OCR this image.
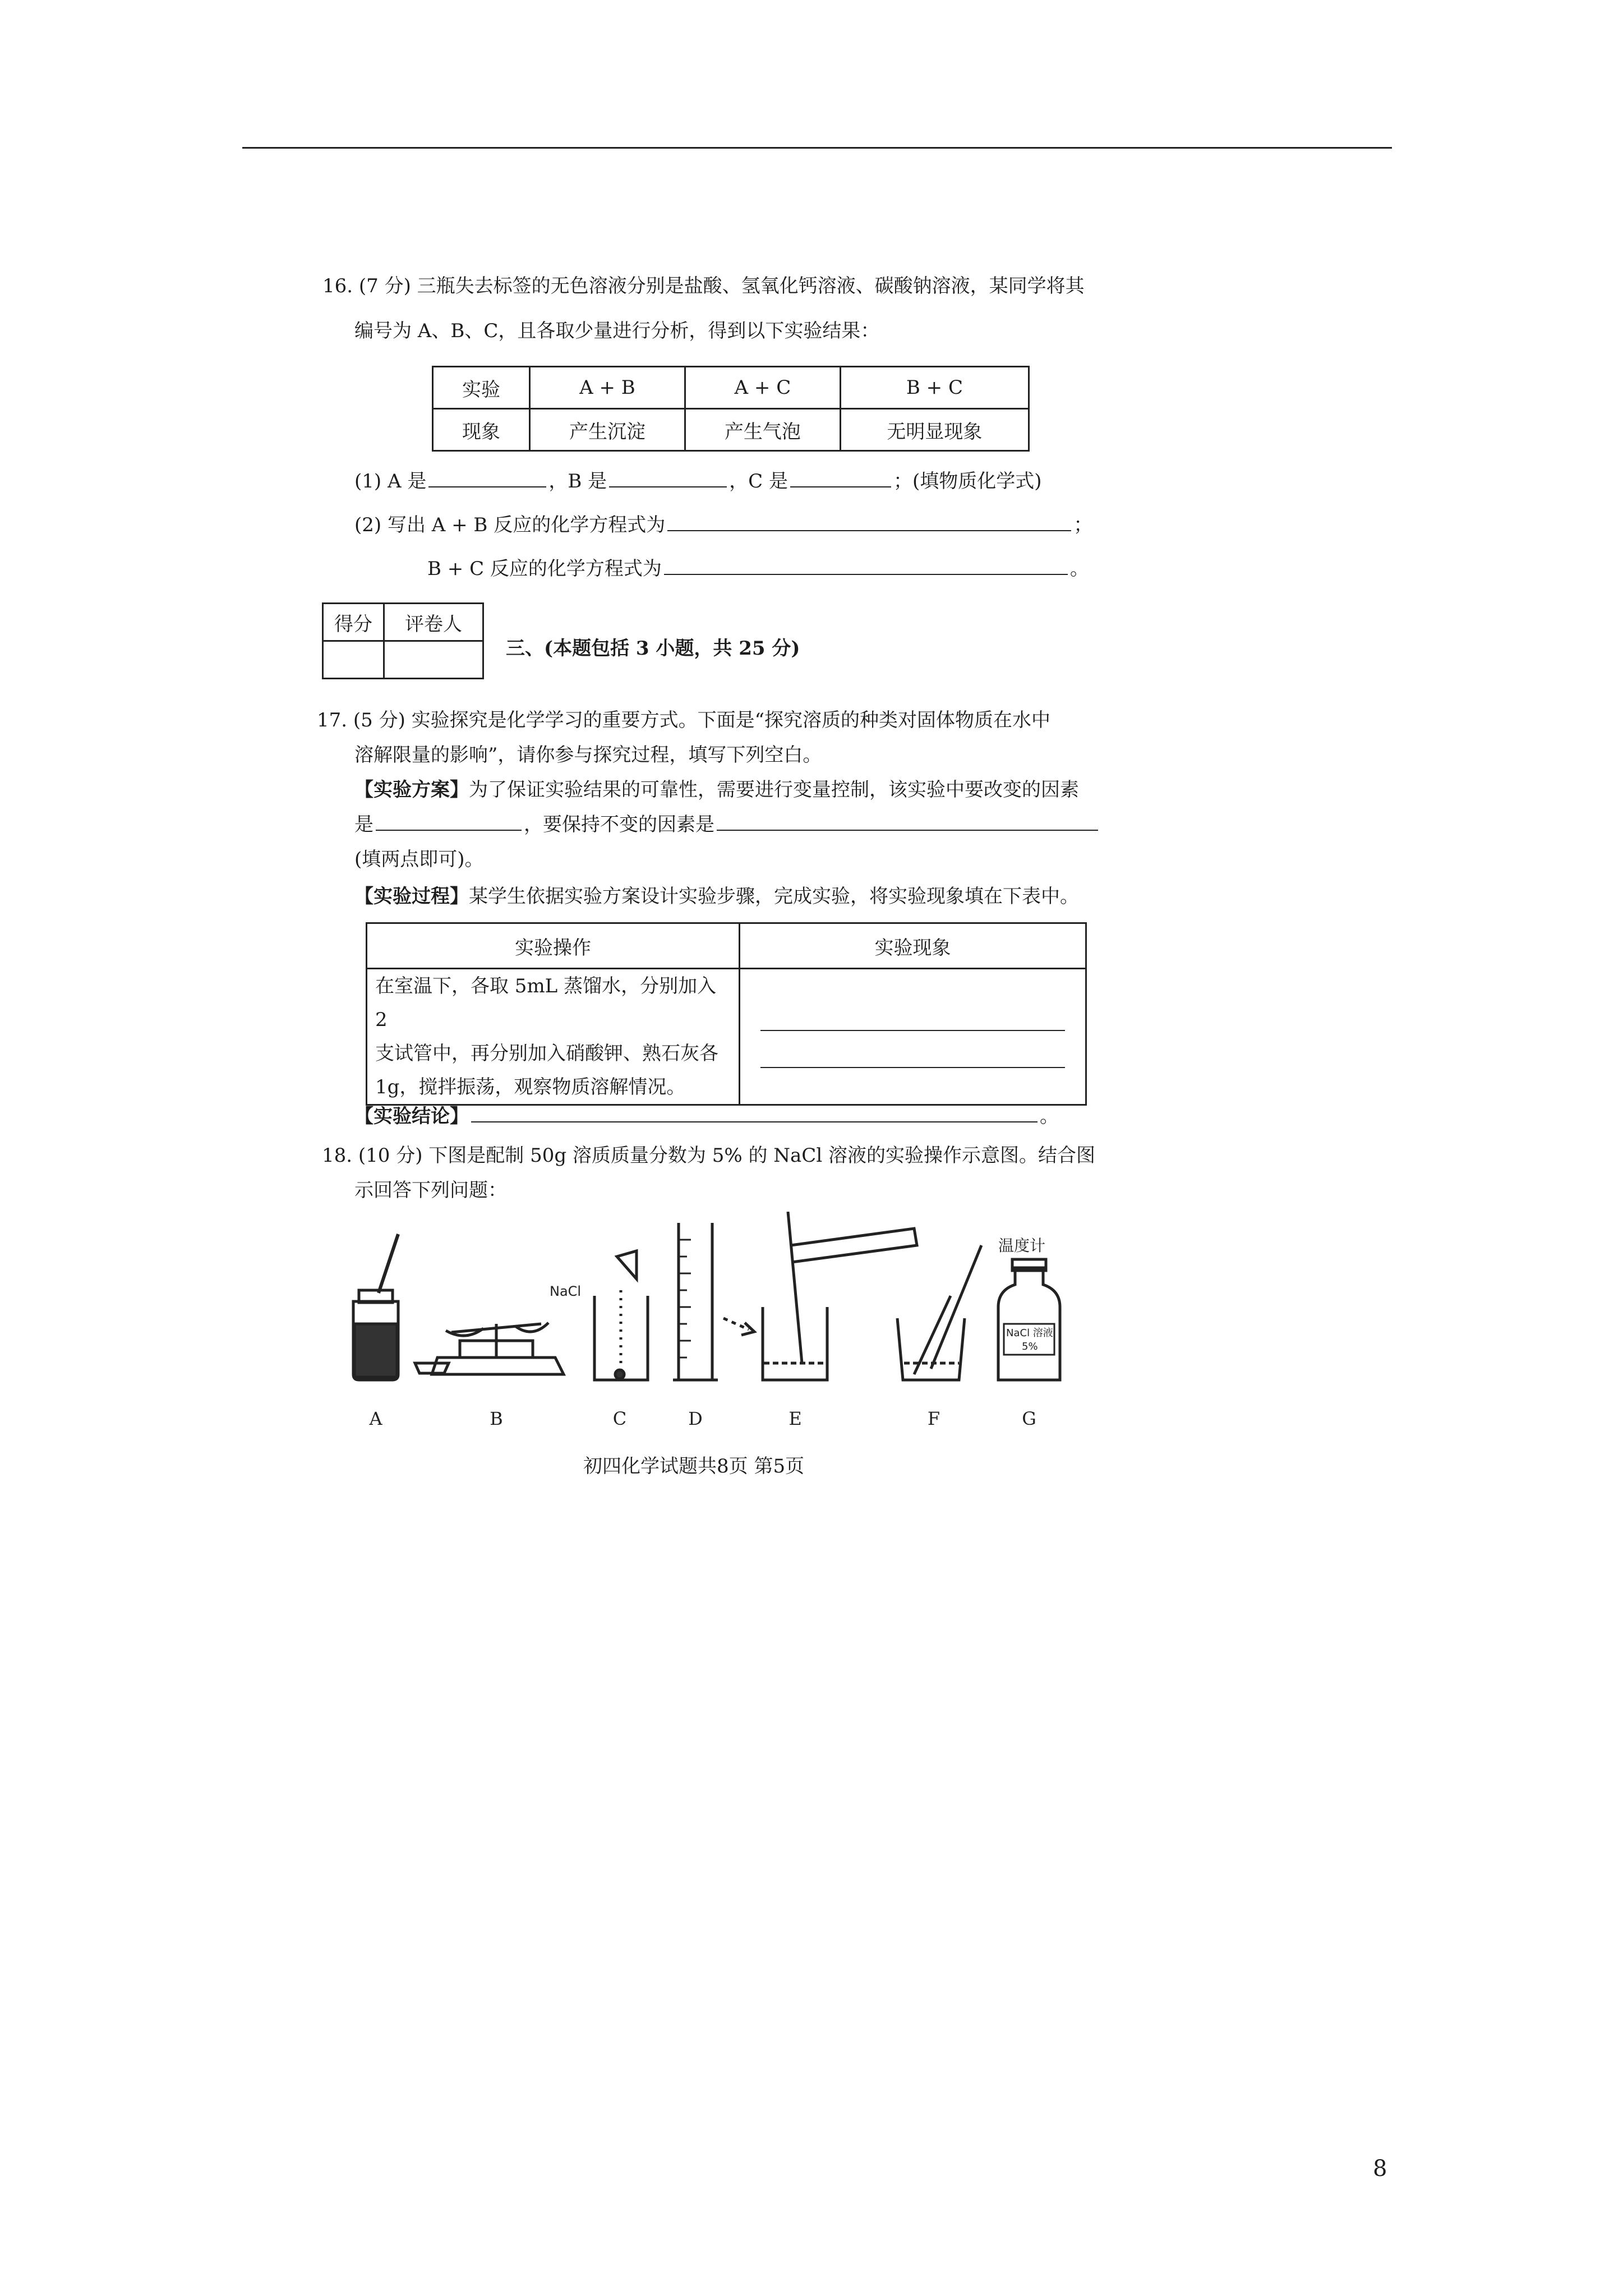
16. (7 分) 三瓶失去标签的无色溶液分别是盐酸、氢氧化钙溶液、碳酸钠溶液，某同学将其
编号为 A、B、C，且各取少量进行分析，得到以下实验结果：
实验	A + B	A + C	B + C
现象	产生沉淀	产生气泡	无明显现象
(1) A 是	，B 是	，C 是	；(填物质化学式)
(2) 写出 A + B 反应的化学方程式为	；
B + C 反应的化学方程式为	。
得分	评卷人

三、(本题包括 3 小题，共 25 分)
17. (5 分) 实验探究是化学学习的重要方式。下面是“探究溶质的种类对固体物质在水中
溶解限量的影响”，请你参与探究过程，填写下列空白。
【实验方案】为了保证实验结果的可靠性，需要进行变量控制，该实验中要改变的因素
是	，要保持不变的因素是
(填两点即可)。
【实验过程】某学生依据实验方案设计实验步骤，完成实验，将实验现象填在下表中。
实验操作	实验现象

在室温下，各取 5mL 蒸馏水，分别加入 2
支试管中，再分别加入硝酸钾、熟石灰各
1g，搅拌振荡，观察物质溶解情况。	

【实验结论】	。
18. (10 分) 下图是配制 50g 溶质质量分数为 5% 的 NaCl 溶液的实验操作示意图。结合图
示回答下列问题：
NaCl
温度计
NaCl 溶液
5%
A	B	C	D	E	F	G
初四化学试题共8页 第5页
8
